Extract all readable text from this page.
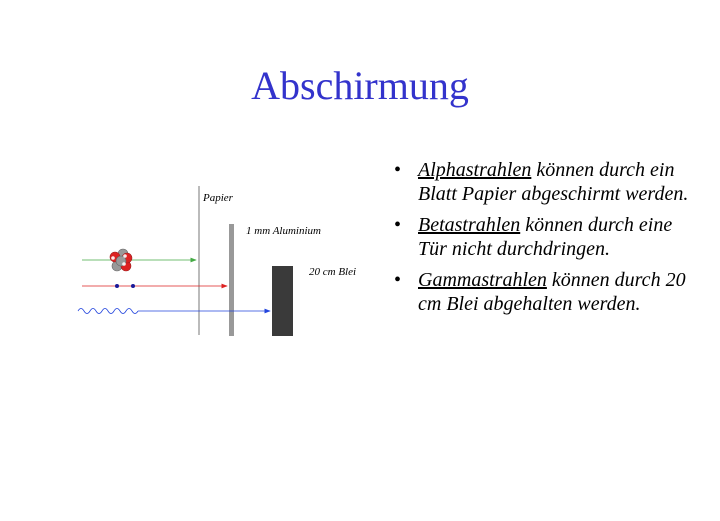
Abschirmung
Papier
1 mm Aluminium
20 cm Blei
• Alphastrahlen können durch ein Blatt Papier abgeschirmt werden.
• Betastrahlen können durch eine Tür nicht durchdringen.
• Gammastrahlen können durch 20 cm Blei abgehalten werden.
